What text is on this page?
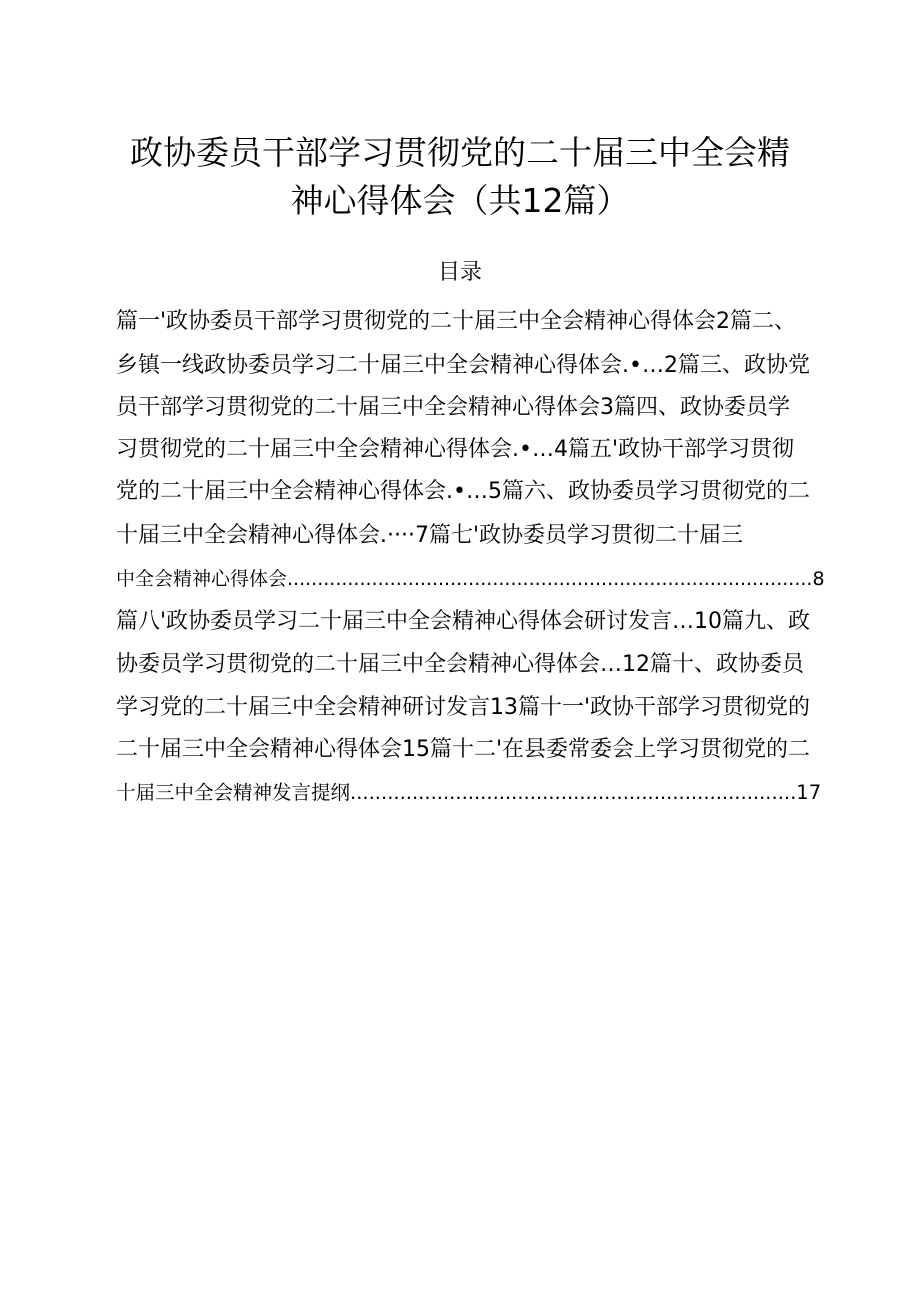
政协委员干部学习贯彻党的二十届三中全会精
神心得体会（共12篇）
目录
篇一'政协委员干部学习贯彻党的二十届三中全会精神心得体会2篇二、
乡镇一线政协委员学习二十届三中全会精神心得体会.•…2篇三、政协党
员干部学习贯彻党的二十届三中全会精神心得体会3篇四、政协委员学
习贯彻党的二十届三中全会精神心得体会.•…4篇五'政协干部学习贯彻
党的二十届三中全会精神心得体会.•…5篇六、政协委员学习贯彻党的二
十届三中全会精神心得体会.····7篇七'政协委员学习贯彻二十届三
中全会精神心得体会.......................................................................................8
篇八'政协委员学习二十届三中全会精神心得体会研讨发言…10篇九、政
协委员学习贯彻党的二十届三中全会精神心得体会…12篇十、政协委员
学习党的二十届三中全会精神研讨发言13篇十一'政协干部学习贯彻党的
二十届三中全会精神心得体会15篇十二'在县委常委会上学习贯彻党的二
十届三中全会精神发言提纲........................................................................17
